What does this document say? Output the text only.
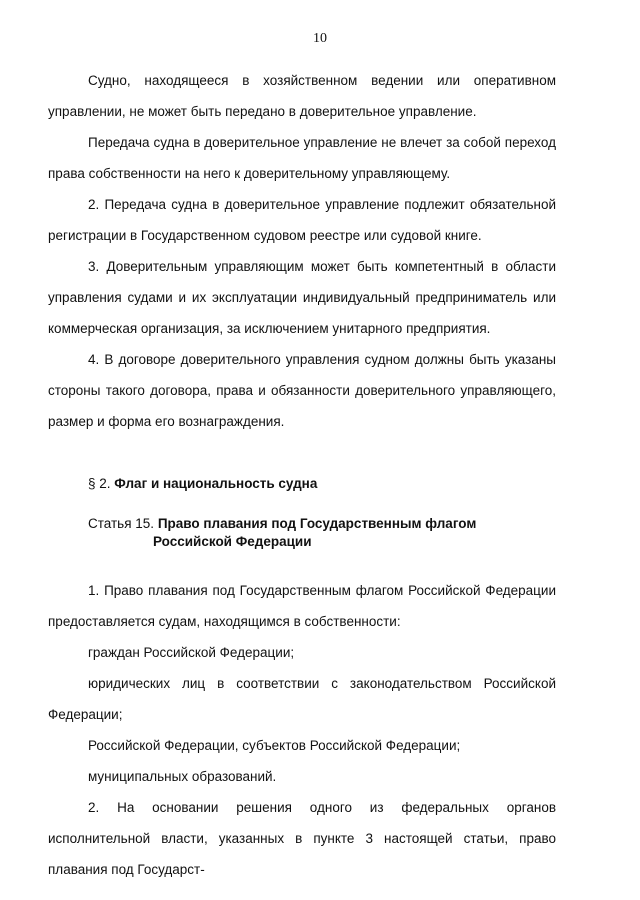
10

Судно, находящееся в хозяйственном ведении или оперативном управлении, не может быть передано в доверительное управление.

Передача судна в доверительное управление не влечет за собой переход права собственности на него к доверительному управляющему.

2. Передача судна в доверительное управление подлежит обязательной регистрации в Государственном судовом реестре или судовой книге.

3. Доверительным управляющим может быть компетентный в области управления судами и их эксплуатации индивидуальный предприниматель или коммерческая организация, за исключением унитарного предприятия.

4. В договоре доверительного управления судном должны быть указаны стороны такого договора, права и обязанности доверительного управляющего, размер и форма его вознаграждения.

§ 2. Флаг и национальность судна

Статья 15. Право плавания под Государственным флагом
Российской Федерации

1. Право плавания под Государственным флагом Российской Федерации предоставляется судам, находящимся в собственности:

граждан Российской Федерации;

юридических лиц в соответствии с законодательством Российской Федерации;

Российской Федерации, субъектов Российской Федерации;

муниципальных образований.

2. На основании решения одного из федеральных органов исполнительной власти, указанных в пункте 3 настоящей статьи, право плавания под Государст-
